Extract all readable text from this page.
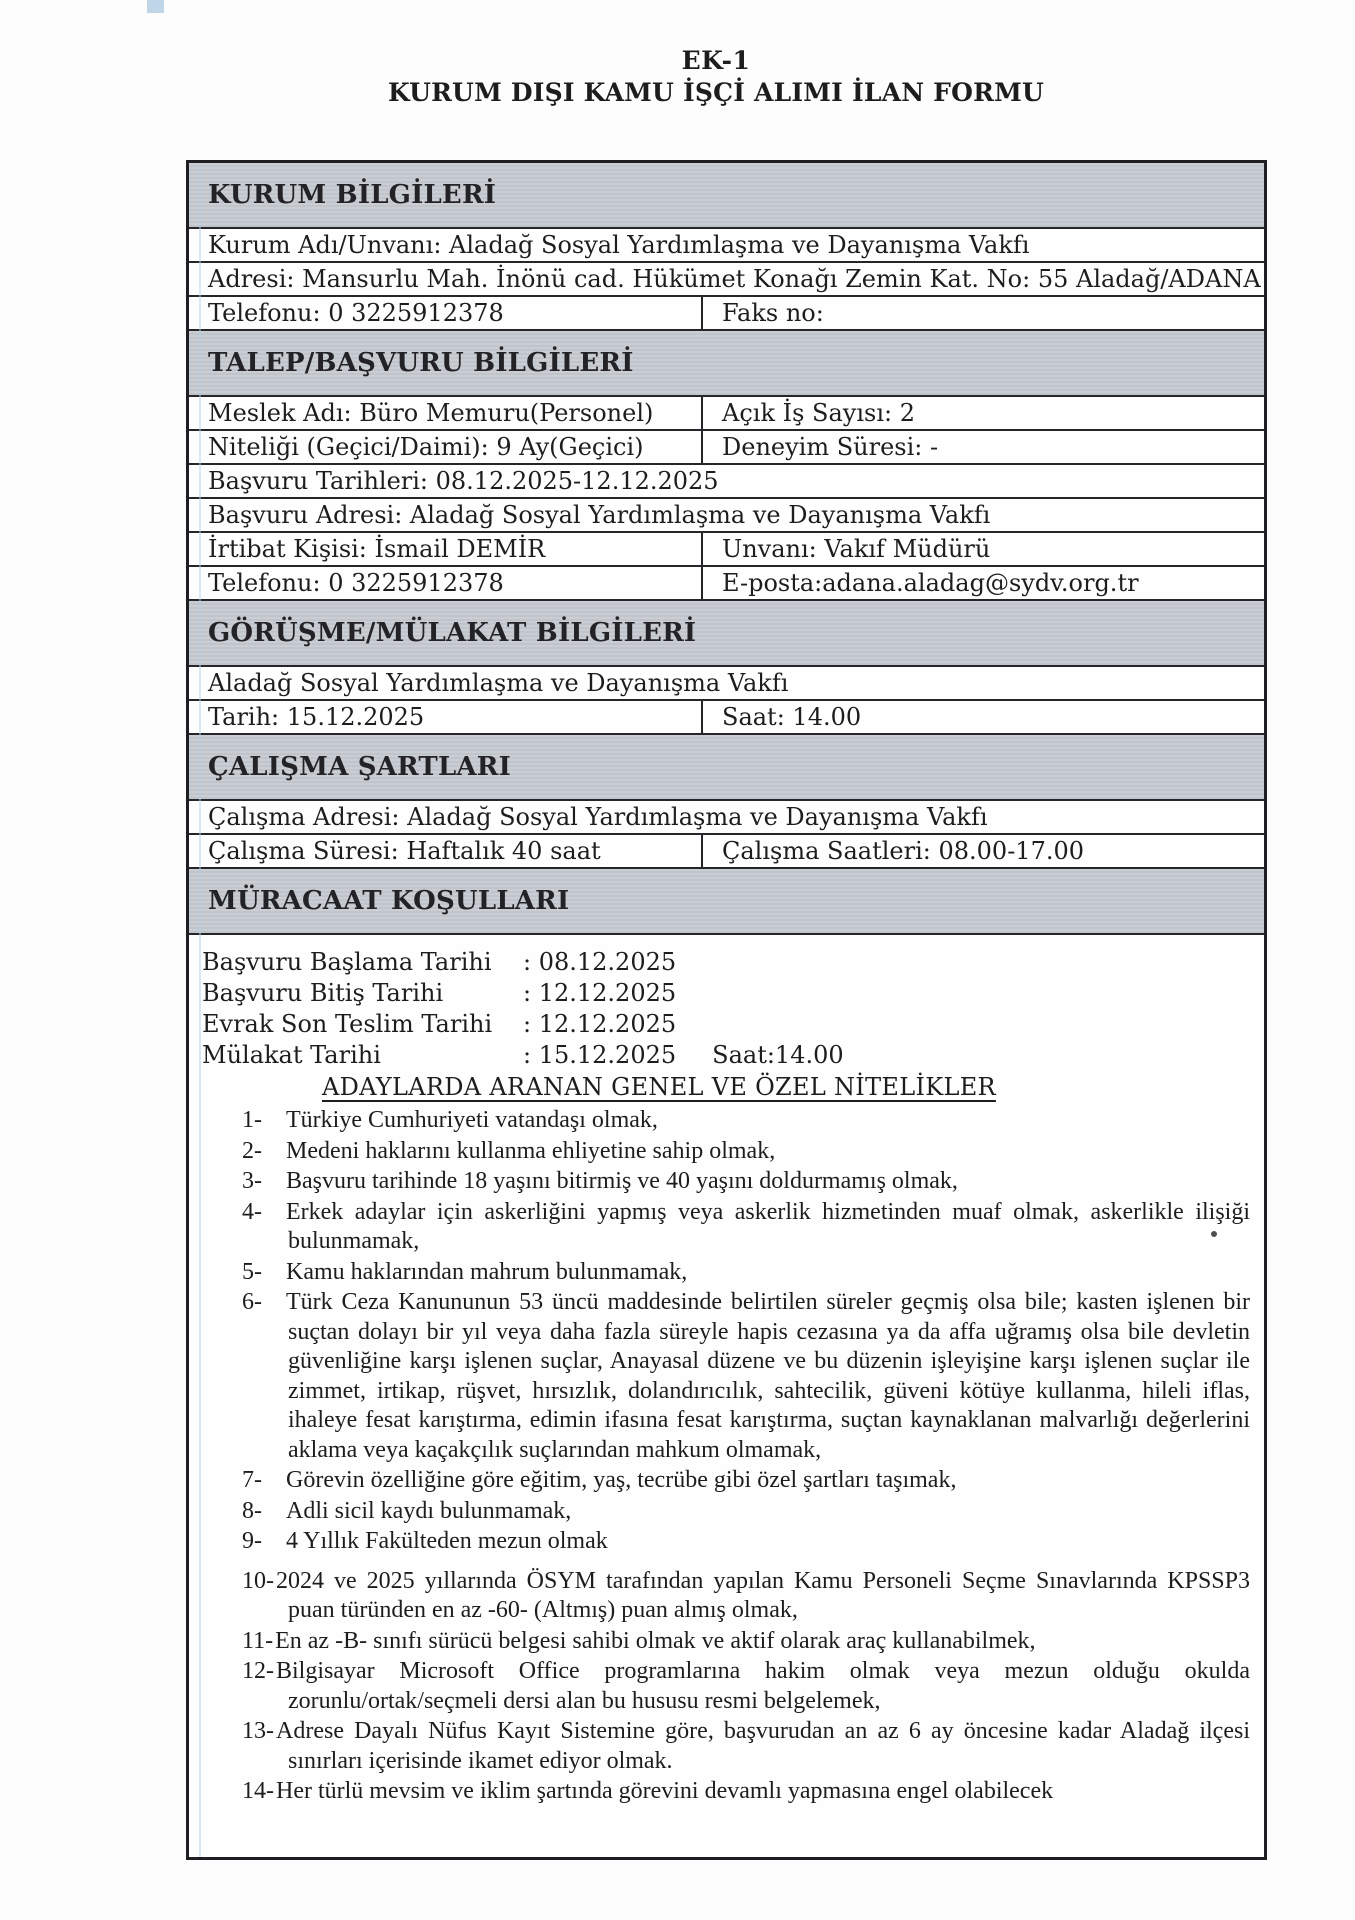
EK-1
KURUM DIŞI KAMU İŞÇİ ALIMI İLAN FORMU
KURUM BİLGİLERİ
Kurum Adı/Unvanı: Aladağ Sosyal Yardımlaşma ve Dayanışma Vakfı
Adresi: Mansurlu Mah. İnönü cad. Hükümet Konağı Zemin Kat. No: 55 Aladağ/ADANA
Telefonu: 0 3225912378	Faks no:
TALEP/BAŞVURU BİLGİLERİ
Meslek Adı: Büro Memuru(Personel)	Açık İş Sayısı: 2
Niteliği (Geçici/Daimi): 9 Ay(Geçici)	Deneyim Süresi: -
Başvuru Tarihleri: 08.12.2025-12.12.2025
Başvuru Adresi: Aladağ Sosyal Yardımlaşma ve Dayanışma Vakfı
İrtibat Kişisi: İsmail DEMİR	Unvanı: Vakıf Müdürü
Telefonu: 0 3225912378	E-posta:adana.aladag@sydv.org.tr
GÖRÜŞME/MÜLAKAT BİLGİLERİ
Aladağ Sosyal Yardımlaşma ve Dayanışma Vakfı
Tarih: 15.12.2025	Saat: 14.00
ÇALIŞMA ŞARTLARI
Çalışma Adresi: Aladağ Sosyal Yardımlaşma ve Dayanışma Vakfı
Çalışma Süresi: Haftalık 40 saat	Çalışma Saatleri: 08.00-17.00
MÜRACAAT KOŞULLARI
Başvuru Başlama Tarihi : 08.12.2025
Başvuru Bitiş Tarihi	: 12.12.2025
Evrak Son Teslim Tarihi : 12.12.2025
Mülakat Tarihi	: 15.12.2025 Saat:14.00
ADAYLARDA ARANAN GENEL VE ÖZEL NİTELİKLER
1- Türkiye Cumhuriyeti vatandaşı olmak,
2- Medeni haklarını kullanma ehliyetine sahip olmak,
3- Başvuru tarihinde 18 yaşını bitirmiş ve 40 yaşını doldurmamış olmak,
4- Erkek adaylar için askerliğini yapmış veya askerlik hizmetinden muaf olmak, askerlikle ilişiği bulunmamak,
5- Kamu haklarından mahrum bulunmamak,
6- Türk Ceza Kanununun 53 üncü maddesinde belirtilen süreler geçmiş olsa bile; kasten işlenen bir suçtan dolayı bir yıl veya daha fazla süreyle hapis cezasına ya da affa uğramış olsa bile devletin güvenliğine karşı işlenen suçlar, Anayasal düzene ve bu düzenin işleyişine karşı işlenen suçlar ile zimmet, irtikap, rüşvet, hırsızlık, dolandırıcılık, sahtecilik, güveni kötüye kullanma, hileli iflas, ihaleye fesat karıştırma, edimin ifasına fesat karıştırma, suçtan kaynaklanan malvarlığı değerlerini aklama veya kaçakçılık suçlarından mahkum olmamak,
7- Görevin özelliğine göre eğitim, yaş, tecrübe gibi özel şartları taşımak,
8- Adli sicil kaydı bulunmamak,
9- 4 Yıllık Fakülteden mezun olmak
10-2024 ve 2025 yıllarında ÖSYM tarafından yapılan Kamu Personeli Seçme Sınavlarında KPSSP3 puan türünden en az -60- (Altmış) puan almış olmak,
11-En az -B- sınıfı sürücü belgesi sahibi olmak ve aktif olarak araç kullanabilmek,
12-Bilgisayar Microsoft Office programlarına hakim olmak veya mezun olduğu okulda zorunlu/ortak/seçmeli dersi alan bu hususu resmi belgelemek,
13-Adrese Dayalı Nüfus Kayıt Sistemine göre, başvurudan an az 6 ay öncesine kadar Aladağ ilçesi sınırları içerisinde ikamet ediyor olmak.
14-Her türlü mevsim ve iklim şartında görevini devamlı yapmasına engel olabilecek
